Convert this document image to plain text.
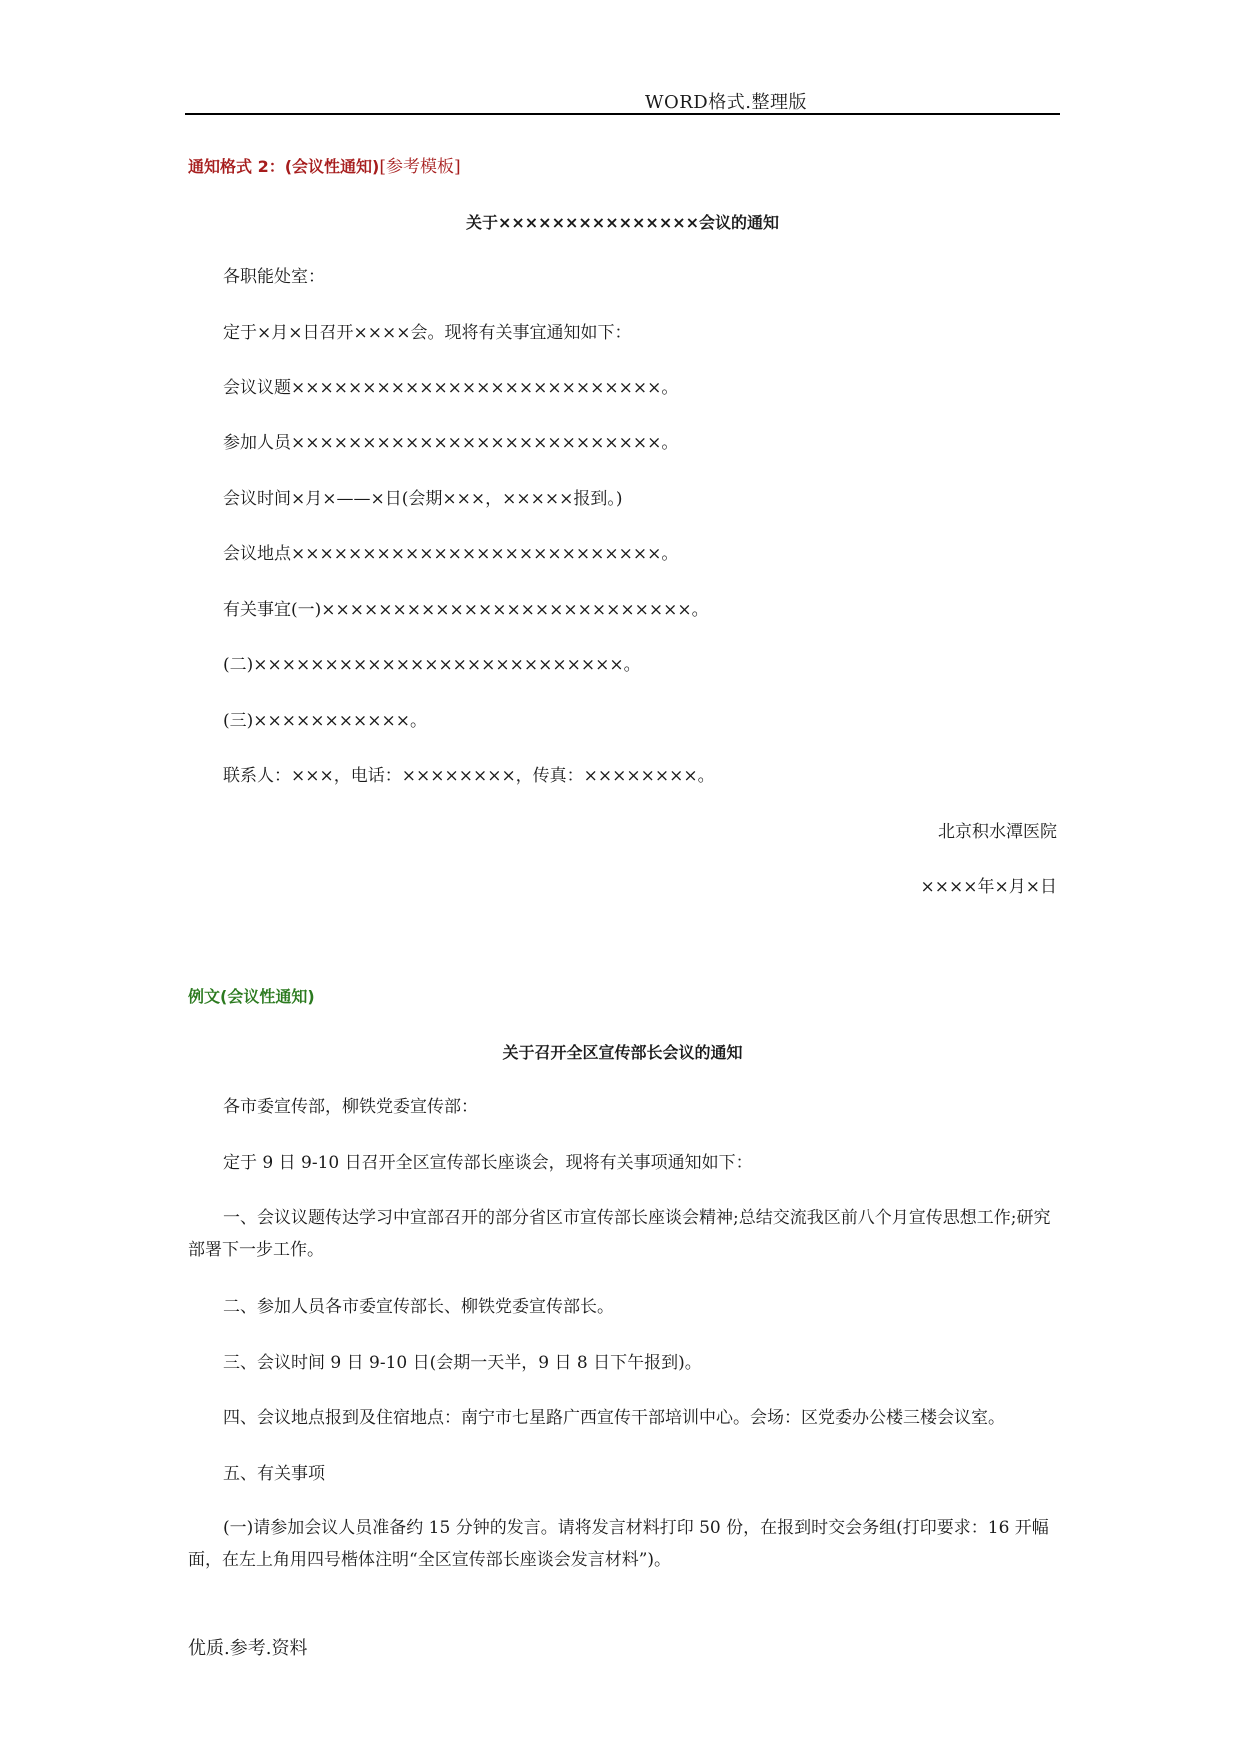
WORD格式.整理版
通知格式 2：(会议性通知)[参考模板]
关于×××××××××××××××会议的通知
各职能处室：
定于×月×日召开××××会。现将有关事宜通知如下：
会议议题××××××××××××××××××××××××××。
参加人员××××××××××××××××××××××××××。
会议时间×月×——×日(会期×××，×××××报到。)
会议地点××××××××××××××××××××××××××。
有关事宜(一)××××××××××××××××××××××××××。
(二)××××××××××××××××××××××××××。
(三)×××××××××××。
联系人：×××，电话：××××××××，传真：××××××××。
北京积水潭医院
××××年×月×日
例文(会议性通知)
关于召开全区宣传部长会议的通知
各市委宣传部，柳铁党委宣传部：
定于 9 日 9-10 日召开全区宣传部长座谈会，现将有关事项通知如下：
一、会议议题传达学习中宣部召开的部分省区市宣传部长座谈会精神;总结交流我区前八个月宣传思想工作;研究部署下一步工作。
二、参加人员各市委宣传部长、柳铁党委宣传部长。
三、会议时间 9 日 9-10 日(会期一天半，9 日 8 日下午报到)。
四、会议地点报到及住宿地点：南宁市七星路广西宣传干部培训中心。会场：区党委办公楼三楼会议室。
五、有关事项
(一)请参加会议人员准备约 15 分钟的发言。请将发言材料打印 50 份，在报到时交会务组(打印要求：16 开幅面，在左上角用四号楷体注明“全区宣传部长座谈会发言材料”)。
优质.参考.资料
